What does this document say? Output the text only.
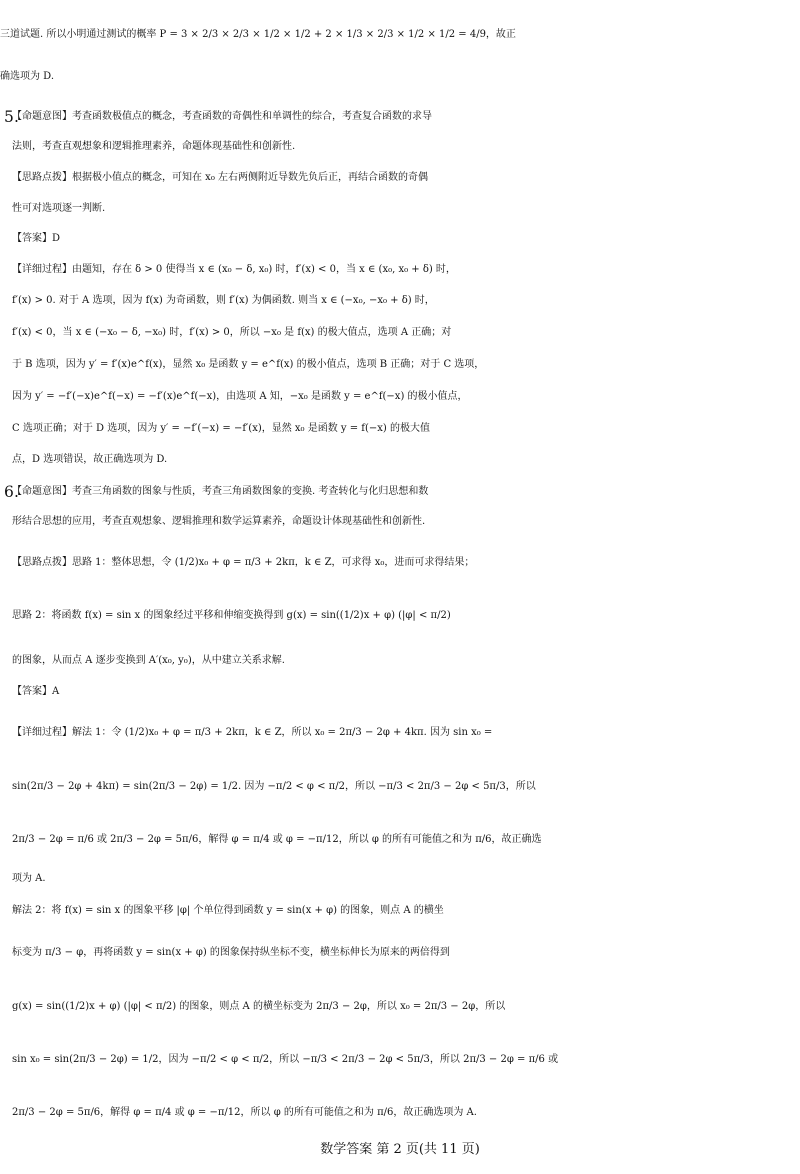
三道试题. 所以小明通过测试的概率 P = 3 × 2/3 × 2/3 × 1/2 × 1/2 + 2 × 1/3 × 2/3 × 1/2 × 1/2 = 4/9，故正
确选项为 D.
5.
【命题意图】考查函数极值点的概念，考查函数的奇偶性和单调性的综合，考查复合函数的求导
法则，考查直观想象和逻辑推理素养，命题体现基础性和创新性.
【思路点拨】根据极小值点的概念，可知在 x₀ 左右两侧附近导数先负后正，再结合函数的奇偶
性可对选项逐一判断.
【答案】D
【详细过程】由题知，存在 δ > 0 使得当 x ∈ (x₀ − δ, x₀) 时，f′(x) < 0，当 x ∈ (x₀, x₀ + δ) 时，
f′(x) > 0. 对于 A 选项，因为 f(x) 为奇函数，则 f′(x) 为偶函数. 则当 x ∈ (−x₀, −x₀ + δ) 时，
f′(x) < 0，当 x ∈ (−x₀ − δ, −x₀) 时，f′(x) > 0，所以 −x₀ 是 f(x) 的极大值点，选项 A 正确；对
于 B 选项，因为 y′ = f′(x)e^f(x)，显然 x₀ 是函数 y = e^f(x) 的极小值点，选项 B 正确；对于 C 选项，
因为 y′ = −f′(−x)e^f(−x) = −f′(x)e^f(−x)，由选项 A 知，−x₀ 是函数 y = e^f(−x) 的极小值点，
C 选项正确；对于 D 选项，因为 y′ = −f′(−x) = −f′(x)，显然 x₀ 是函数 y = f(−x) 的极大值
点，D 选项错误，故正确选项为 D.
6.
【命题意图】考查三角函数的图象与性质，考查三角函数图象的变换. 考查转化与化归思想和数
形结合思想的应用，考查直观想象、逻辑推理和数学运算素养，命题设计体现基础性和创新性.
【思路点拨】思路 1：整体思想，令 (1/2)x₀ + φ = π/3 + 2kπ，k ∈ Z，可求得 x₀，进而可求得结果；
思路 2：将函数 f(x) = sin x 的图象经过平移和伸缩变换得到 g(x) = sin((1/2)x + φ) (|φ| < π/2)
的图象，从而点 A 逐步变换到 A′(x₀, y₀)，从中建立关系求解.
【答案】A
【详细过程】解法 1：令 (1/2)x₀ + φ = π/3 + 2kπ，k ∈ Z，所以 x₀ = 2π/3 − 2φ + 4kπ. 因为 sin x₀ =
sin(2π/3 − 2φ + 4kπ) = sin(2π/3 − 2φ) = 1/2. 因为 −π/2 < φ < π/2，所以 −π/3 < 2π/3 − 2φ < 5π/3，所以
2π/3 − 2φ = π/6 或 2π/3 − 2φ = 5π/6，解得 φ = π/4 或 φ = −π/12，所以 φ 的所有可能值之和为 π/6，故正确选
项为 A.
解法 2：将 f(x) = sin x 的图象平移 |φ| 个单位得到函数 y = sin(x + φ) 的图象，则点 A 的横坐
标变为 π/3 − φ，再将函数 y = sin(x + φ) 的图象保持纵坐标不变，横坐标伸长为原来的两倍得到
g(x) = sin((1/2)x + φ) (|φ| < π/2) 的图象，则点 A 的横坐标变为 2π/3 − 2φ，所以 x₀ = 2π/3 − 2φ，所以
sin x₀ = sin(2π/3 − 2φ) = 1/2，因为 −π/2 < φ < π/2，所以 −π/3 < 2π/3 − 2φ < 5π/3，所以 2π/3 − 2φ = π/6 或
2π/3 − 2φ = 5π/6，解得 φ = π/4 或 φ = −π/12，所以 φ 的所有可能值之和为 π/6，故正确选项为 A.
数学答案 第 2 页(共 11 页)
